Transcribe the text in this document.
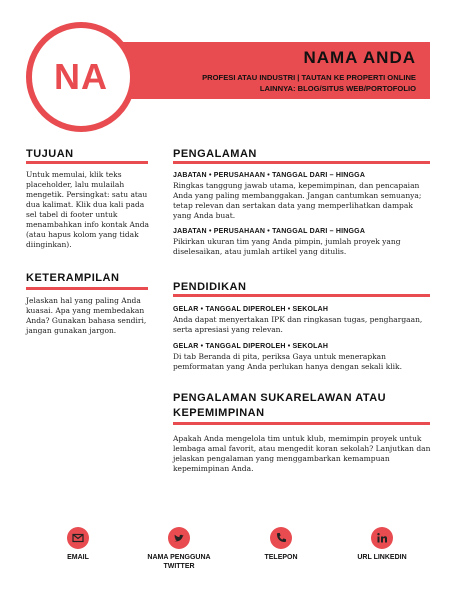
NAMA ANDA
PROFESI ATAU INDUSTRI | TAUTAN KE PROPERTI ONLINE
LAINNYA: BLOG/SITUS WEB/PORTOFOLIO
NA
TUJUAN
Untuk memulai, klik teks placeholder, lalu mulailah mengetik. Persingkat: satu atau dua kalimat. Klik dua kali pada sel tabel di footer untuk menambahkan info kontak Anda (atau hapus kolom yang tidak diinginkan).
KETERAMPILAN
Jelaskan hal yang paling Anda kuasai. Apa yang membedakan Anda? Gunakan bahasa sendiri, jangan gunakan jargon.
PENGALAMAN
JABATAN • PERUSAHAAN • TANGGAL DARI – HINGGA
Ringkas tanggung jawab utama, kepemimpinan, dan pencapaian Anda yang paling membanggakan. Jangan cantumkan semuanya; tetap relevan dan sertakan data yang memperlihatkan dampak yang Anda buat.
JABATAN • PERUSAHAAN • TANGGAL DARI – HINGGA
Pikirkan ukuran tim yang Anda pimpin, jumlah proyek yang diselesaikan, atau jumlah artikel yang ditulis.
PENDIDIKAN
GELAR • TANGGAL DIPEROLEH • SEKOLAH
Anda dapat menyertakan IPK dan ringkasan tugas, penghargaan, serta apresiasi yang relevan.
GELAR • TANGGAL DIPEROLEH • SEKOLAH
Di tab Beranda di pita, periksa Gaya untuk menerapkan pemformatan yang Anda perlukan hanya dengan sekali klik.
PENGALAMAN SUKARELAWAN ATAU
KEPEMIMPINAN
Apakah Anda mengelola tim untuk klub, memimpin proyek untuk lembaga amal favorit, atau mengedit koran sekolah? Lanjutkan dan jelaskan pengalaman yang menggambarkan kemampuan kepemimpinan Anda.
EMAIL	NAMA PENGGUNA
TWITTER
TELEPON	URL LINKEDIN
